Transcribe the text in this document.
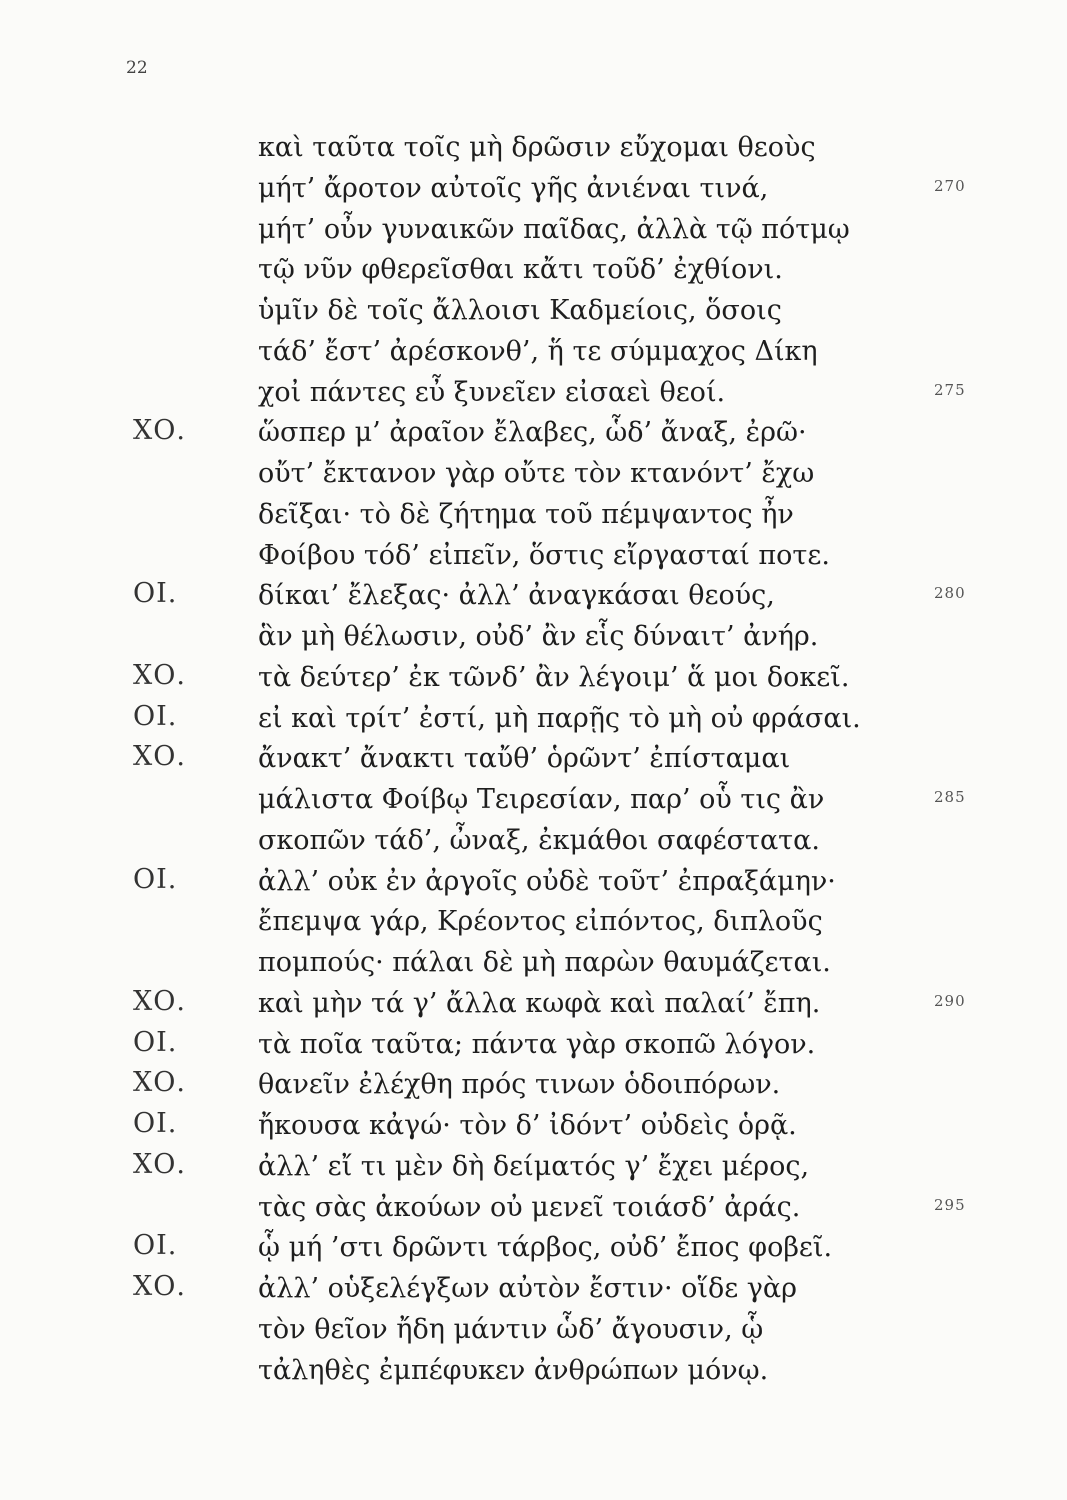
22
καὶ ταῦτα τοῖς μὴ δρῶσιν εὔχομαι θεοὺς
μήτ’ ἄροτον αὐτοῖς γῆς ἀνιέναι τινά,	270
μήτ’ οὖν γυναικῶν παῖδας, ἀλλὰ τῷ πότμῳ
τῷ νῦν φθερεῖσθαι κἄτι τοῦδ’ ἐχθίονι.
ὑμῖν δὲ τοῖς ἄλλοισι Καδμείοις, ὅσοις
τάδ’ ἔστ’ ἀρέσκονθ’, ἥ τε σύμμαχος Δίκη
χοἰ πάντες εὖ ξυνεῖεν εἰσαεὶ θεοί.	275
ΧΟ.	ὥσπερ μ’ ἀραῖον ἔλαβες, ὧδ’ ἄναξ, ἐρῶ·
οὔτ’ ἔκτανον γὰρ οὔτε τὸν κτανόντ’ ἔχω
δεῖξαι· τὸ δὲ ζήτημα τοῦ πέμψαντος ἦν
Φοίβου τόδ’ εἰπεῖν, ὅστις εἴργασταί ποτε.
ΟΙ.	δίκαι’ ἔλεξας· ἀλλ’ ἀναγκάσαι θεούς,	280
ἃν μὴ θέλωσιν, οὐδ’ ἂν εἷς δύναιτ’ ἀνήρ.
ΧΟ.	τὰ δεύτερ’ ἐκ τῶνδ’ ἂν λέγοιμ’ ἅ μοι δοκεῖ.
ΟΙ.	εἰ καὶ τρίτ’ ἐστί, μὴ παρῇς τὸ μὴ οὐ φράσαι.
ΧΟ.	ἄνακτ’ ἄνακτι ταὔθ’ ὁρῶντ’ ἐπίσταμαι
μάλιστα Φοίβῳ Τειρεσίαν, παρ’ οὗ τις ἂν	285
σκοπῶν τάδ’, ὦναξ, ἐκμάθοι σαφέστατα.
ΟΙ.	ἀλλ’ οὐκ ἐν ἀργοῖς οὐδὲ τοῦτ’ ἐπραξάμην·
ἔπεμψα γάρ, Κρέοντος εἰπόντος, διπλοῦς
πομπούς· πάλαι δὲ μὴ παρὼν θαυμάζεται.
ΧΟ.	καὶ μὴν τά γ’ ἄλλα κωφὰ καὶ παλαί’ ἔπη.	290
ΟΙ.	τὰ ποῖα ταῦτα; πάντα γὰρ σκοπῶ λόγον.
ΧΟ.	θανεῖν ἐλέχθη πρός τινων ὁδοιπόρων.
ΟΙ.	ἤκουσα κἀγώ· τὸν δ’ ἰδόντ’ οὐδεὶς ὁρᾷ.
ΧΟ.	ἀλλ’ εἴ τι μὲν δὴ δείματός γ’ ἔχει μέρος,
τὰς σὰς ἀκούων οὐ μενεῖ τοιάσδ’ ἀράς.	295
ΟΙ.	ᾧ μή ’στι δρῶντι τάρβος, οὐδ’ ἔπος φοβεῖ.
ΧΟ.	ἀλλ’ οὑξελέγξων αὐτὸν ἔστιν· οἵδε γὰρ
τὸν θεῖον ἤδη μάντιν ὧδ’ ἄγουσιν, ᾧ
τἀληθὲς ἐμπέφυκεν ἀνθρώπων μόνῳ.
